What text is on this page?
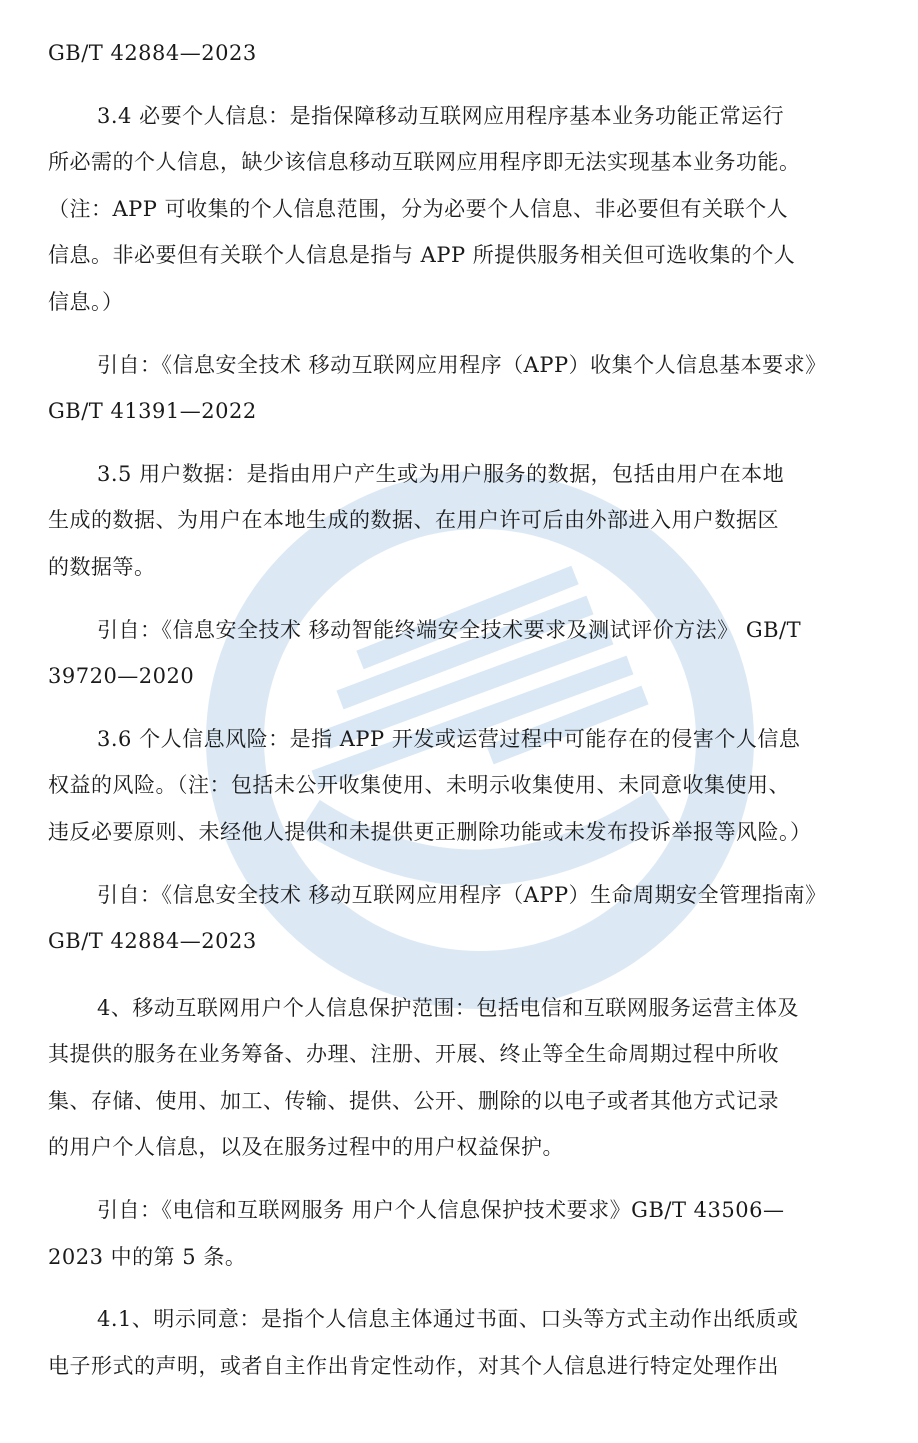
GB/T 42884—2023

3.4 必要个人信息：是指保障移动互联网应用程序基本业务功能正常运行
所必需的个人信息，缺少该信息移动互联网应用程序即无法实现基本业务功能。
（注：APP 可收集的个人信息范围，分为必要个人信息、非必要但有关联个人
信息。非必要但有关联个人信息是指与 APP 所提供服务相关但可选收集的个人
信息。）

引自：《信息安全技术 移动互联网应用程序（APP）收集个人信息基本要求》
GB/T 41391—2022

3.5 用户数据：是指由用户产生或为用户服务的数据，包括由用户在本地
生成的数据、为用户在本地生成的数据、在用户许可后由外部进入用户数据区
的数据等。

引自：《信息安全技术 移动智能终端安全技术要求及测试评价方法》 GB/T
39720—2020

3.6 个人信息风险：是指 APP 开发或运营过程中可能存在的侵害个人信息
权益的风险。（注：包括未公开收集使用、未明示收集使用、未同意收集使用、
违反必要原则、未经他人提供和未提供更正删除功能或未发布投诉举报等风险。）

引自：《信息安全技术 移动互联网应用程序（APP）生命周期安全管理指南》
GB/T 42884—2023

4、移动互联网用户个人信息保护范围：包括电信和互联网服务运营主体及
其提供的服务在业务筹备、办理、注册、开展、终止等全生命周期过程中所收
集、存储、使用、加工、传输、提供、公开、删除的以电子或者其他方式记录
的用户个人信息，以及在服务过程中的用户权益保护。

引自：《电信和互联网服务 用户个人信息保护技术要求》GB/T 43506—
2023 中的第 5 条。

4.1、明示同意：是指个人信息主体通过书面、口头等方式主动作出纸质或
电子形式的声明，或者自主作出肯定性动作，对其个人信息进行特定处理作出
